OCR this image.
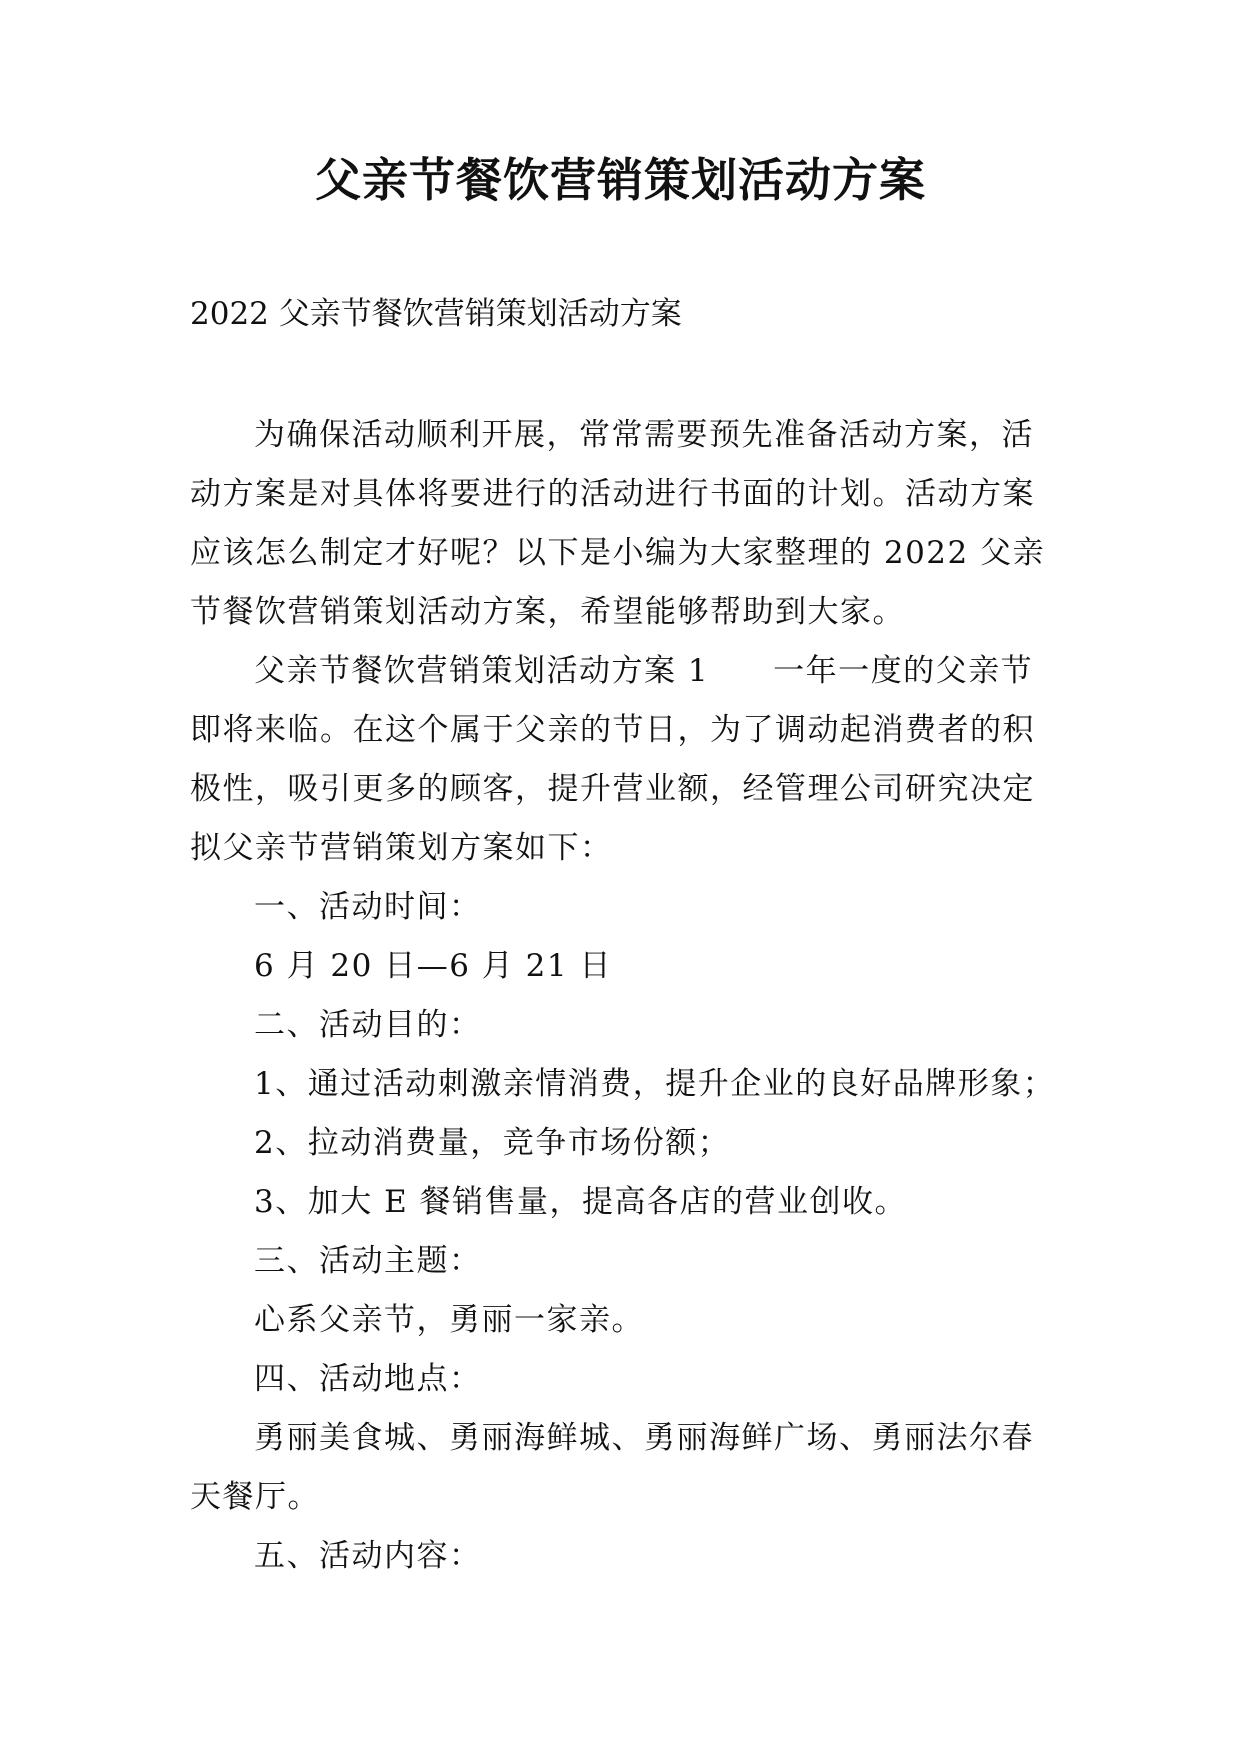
父亲节餐饮营销策划活动方案

2022 父亲节餐饮营销策划活动方案

为确保活动顺利开展，常常需要预先准备活动方案，活
动方案是对具体将要进行的活动进行书面的计划。活动方案
应该怎么制定才好呢？以下是小编为大家整理的 2022 父亲
节餐饮营销策划活动方案，希望能够帮助到大家。
父亲节餐饮营销策划活动方案 1 一年一度的父亲节
即将来临。在这个属于父亲的节日，为了调动起消费者的积
极性，吸引更多的顾客，提升营业额，经管理公司研究决定
拟父亲节营销策划方案如下：
一、活动时间：
6 月 20 日—6 月 21 日
二、活动目的：
1、通过活动刺激亲情消费，提升企业的良好品牌形象；
2、拉动消费量，竞争市场份额；
3、加大 E 餐销售量，提高各店的营业创收。
三、活动主题：
心系父亲节，勇丽一家亲。
四、活动地点：
勇丽美食城、勇丽海鲜城、勇丽海鲜广场、勇丽法尔春
天餐厅。
五、活动内容：
